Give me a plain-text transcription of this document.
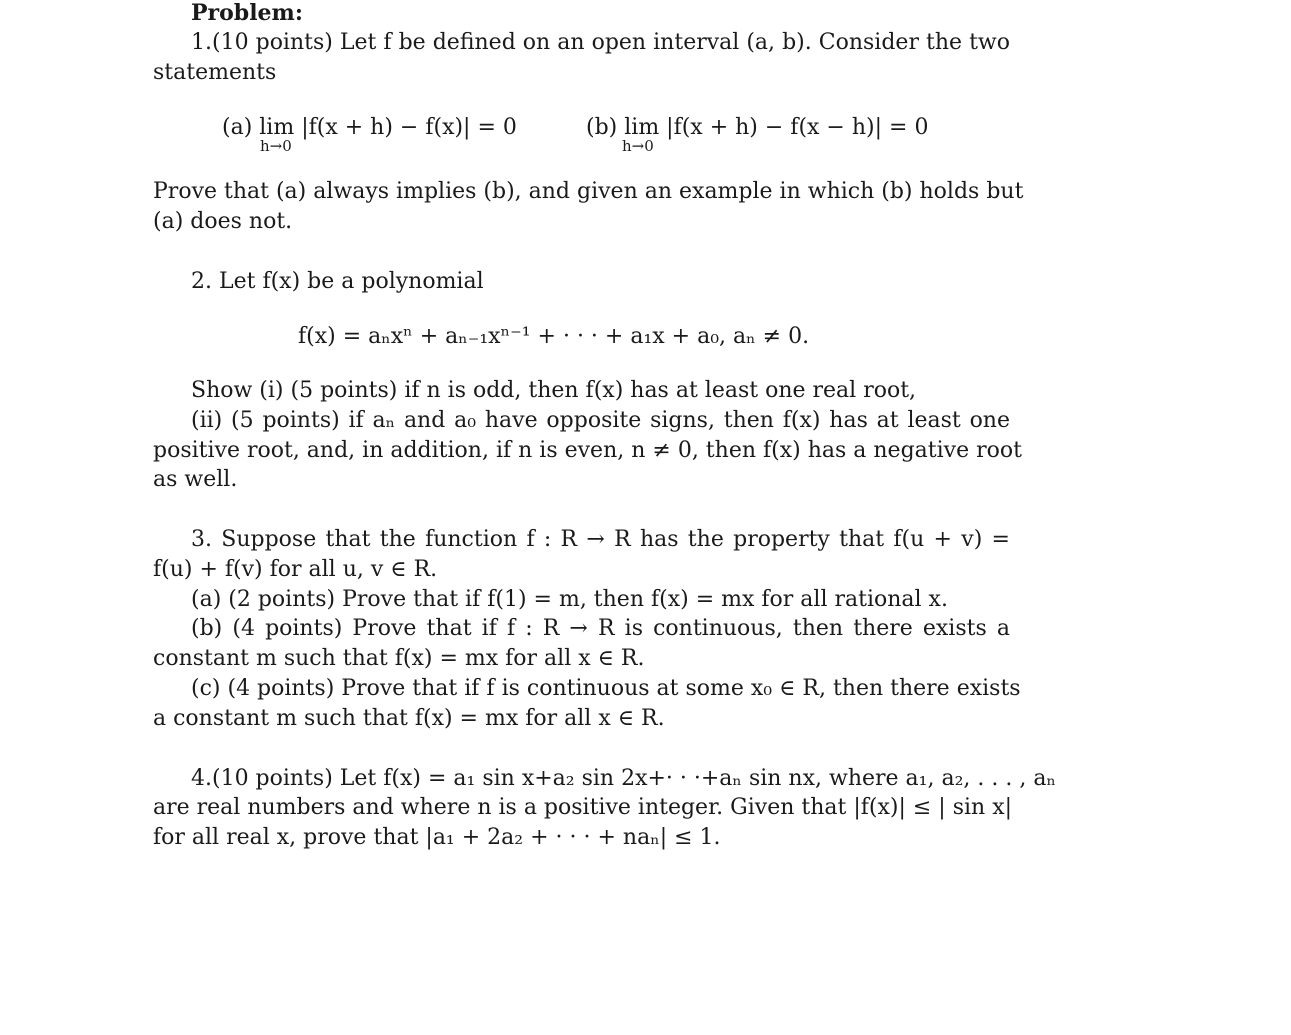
Problem:
1.(10 points) Let f be defined on an open interval (a, b). Consider the two
statements
(a) lim |f(x + h) − f(x)| = 0
h→0
(b) lim |f(x + h) − f(x − h)| = 0
h→0
Prove that (a) always implies (b), and given an example in which (b) holds but
(a) does not.
2. Let f(x) be a polynomial
f(x) = aₙxⁿ + aₙ₋₁xⁿ⁻¹ + · · · + a₁x + a₀, aₙ ≠ 0.
Show (i) (5 points) if n is odd, then f(x) has at least one real root,
(ii) (5 points) if aₙ and a₀ have opposite signs, then f(x) has at least one
positive root, and, in addition, if n is even, n ≠ 0, then f(x) has a negative root
as well.
3. Suppose that the function f : R → R has the property that f(u + v) =
f(u) + f(v) for all u, v ∈ R.
(a) (2 points) Prove that if f(1) = m, then f(x) = mx for all rational x.
(b) (4 points) Prove that if f : R → R is continuous, then there exists a
constant m such that f(x) = mx for all x ∈ R.
(c) (4 points) Prove that if f is continuous at some x₀ ∈ R, then there exists
a constant m such that f(x) = mx for all x ∈ R.
4.(10 points) Let f(x) = a₁ sin x+a₂ sin 2x+· · ·+aₙ sin nx, where a₁, a₂, . . . , aₙ
are real numbers and where n is a positive integer. Given that |f(x)| ≤ | sin x|
for all real x, prove that |a₁ + 2a₂ + · · · + naₙ| ≤ 1.
